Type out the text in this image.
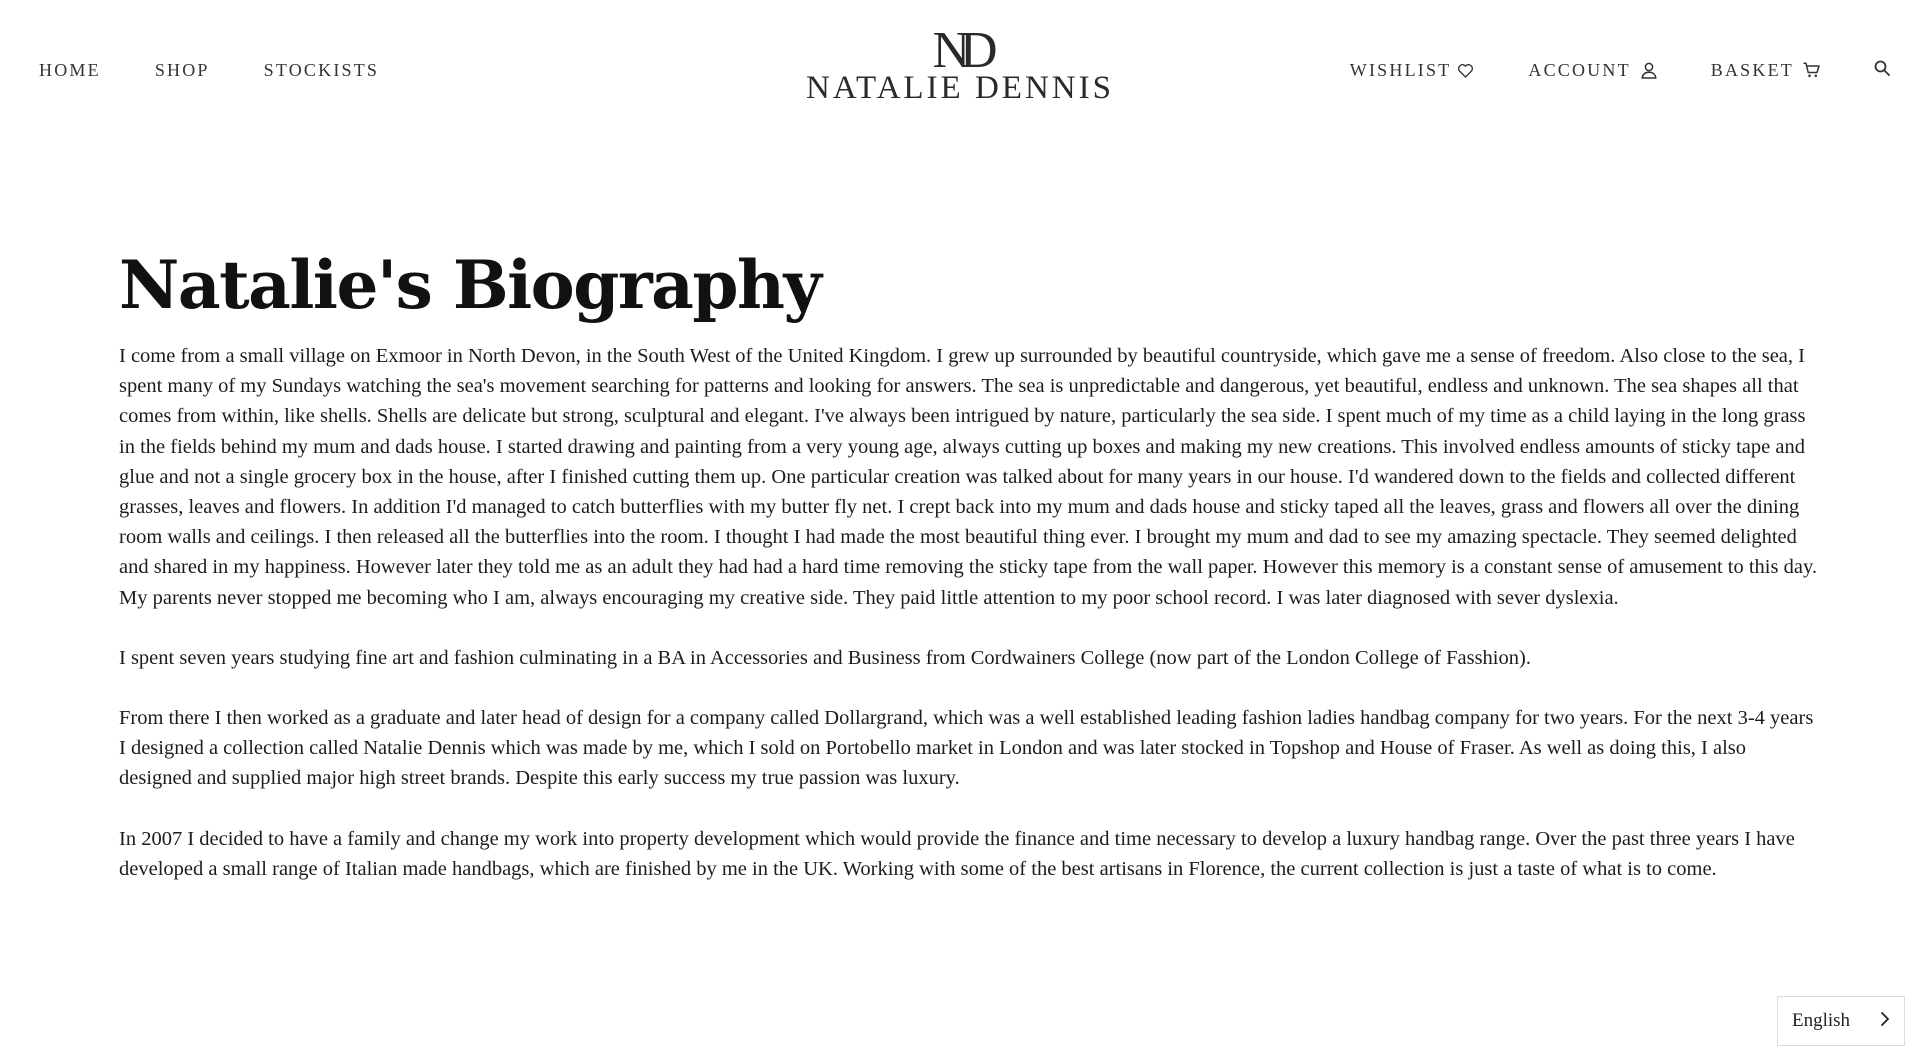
HOME	SHOP	STOCKISTS	ND
NATALIE DENNIS	WISHLIST	ACCOUNT	BASKET
Natalie's Biography

I come from a small village on Exmoor in North Devon, in the South West of the United Kingdom. I grew up surrounded by beautiful countryside, which gave me a sense of freedom. Also close to the sea, I spent many of my Sundays watching the sea's movement searching for patterns and looking for answers. The sea is unpredictable and dangerous, yet beautiful, endless and unknown. The sea shapes all that comes from within, like shells. Shells are delicate but strong, sculptural and elegant. I've always been intrigued by nature, particularly the sea side. I spent much of my time as a child laying in the long grass in the fields behind my mum and dads house. I started drawing and painting from a very young age, always cutting up boxes and making my new creations. This involved endless amounts of sticky tape and glue and not a single grocery box in the house, after I finished cutting them up. One particular creation was talked about for many years in our house. I'd wandered down to the fields and collected different grasses, leaves and flowers. In addition I'd managed to catch butterflies with my butter fly net. I crept back into my mum and dads house and sticky taped all the leaves, grass and flowers all over the dining room walls and ceilings. I then released all the butterflies into the room. I thought I had made the most beautiful thing ever. I brought my mum and dad to see my amazing spectacle. They seemed delighted and shared in my happiness. However later they told me as an adult they had had a hard time removing the sticky tape from the wall paper. However this memory is a constant sense of amusement to this day. My parents never stopped me becoming who I am, always encouraging my creative side. They paid little attention to my poor school record. I was later diagnosed with sever dyslexia.

I spent seven years studying fine art and fashion culminating in a BA in Accessories and Business from Cordwainers College (now part of the London College of Fasshion).

From there I then worked as a graduate and later head of design for a company called Dollargrand, which was a well established leading fashion ladies handbag company for two years. For the next 3-4 years I designed a collection called Natalie Dennis which was made by me, which I sold on Portobello market in London and was later stocked in Topshop and House of Fraser. As well as doing this, I also designed and supplied major high street brands. Despite this early success my true passion was luxury.

In 2007 I decided to have a family and change my work into property development which would provide the finance and time necessary to develop a luxury handbag range. Over the past three years I have developed a small range of Italian made handbags, which are finished by me in the UK. Working with some of the best artisans in Florence, the current collection is just a taste of what is to come.

English
